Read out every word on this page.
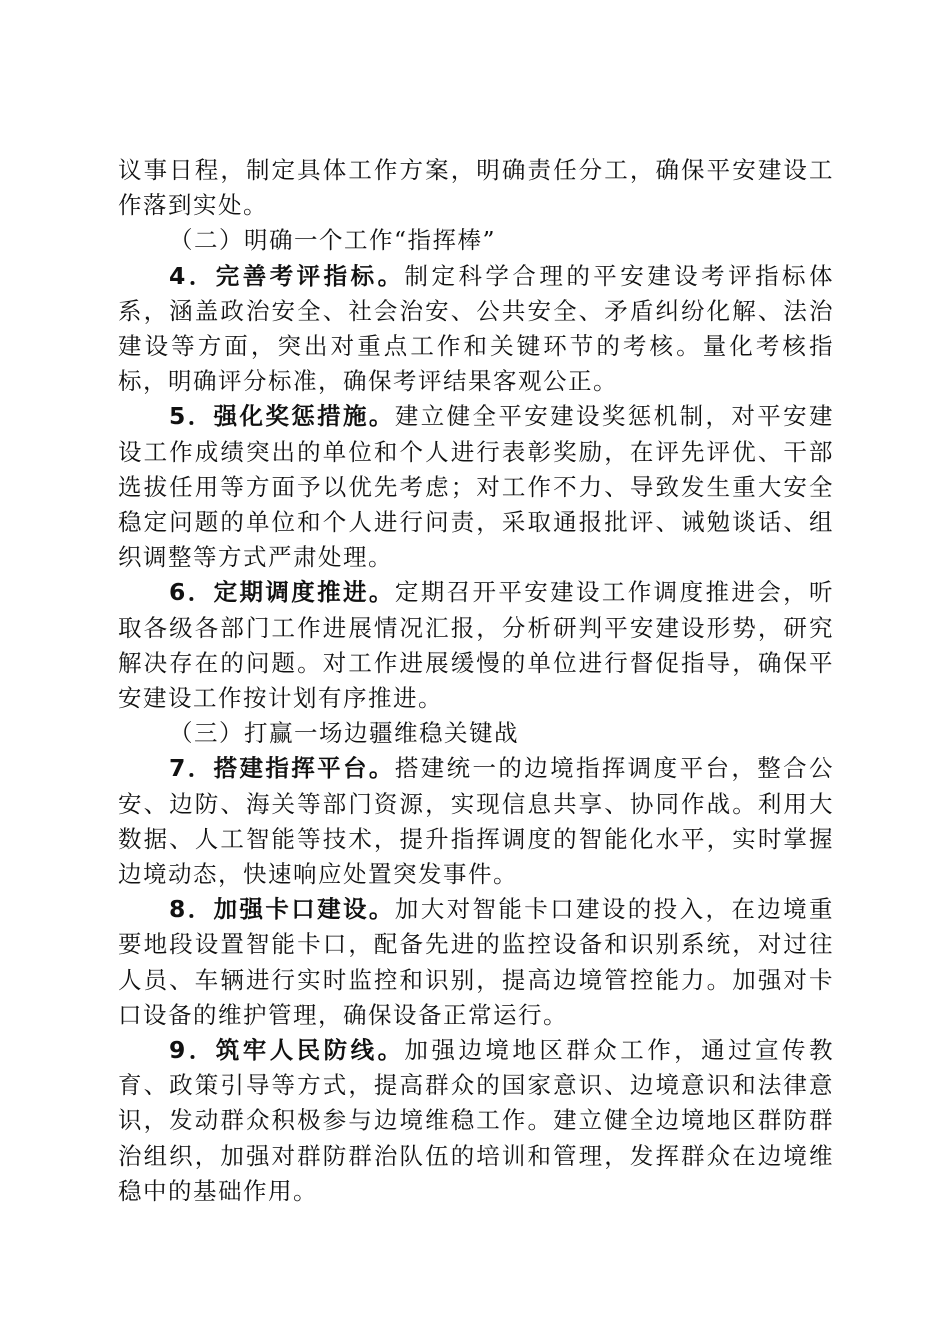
议事日程，制定具体工作方案，明确责任分工，确保平安建设工作落到实处。

（二）明确一个工作“指挥棒”

4．完善考评指标。制定科学合理的平安建设考评指标体系，涵盖政治安全、社会治安、公共安全、矛盾纠纷化解、法治建设等方面，突出对重点工作和关键环节的考核。量化考核指标，明确评分标准，确保考评结果客观公正。

5．强化奖惩措施。建立健全平安建设奖惩机制，对平安建设工作成绩突出的单位和个人进行表彰奖励，在评先评优、干部选拔任用等方面予以优先考虑；对工作不力、导致发生重大安全稳定问题的单位和个人进行问责，采取通报批评、诫勉谈话、组织调整等方式严肃处理。

6．定期调度推进。定期召开平安建设工作调度推进会，听取各级各部门工作进展情况汇报，分析研判平安建设形势，研究解决存在的问题。对工作进展缓慢的单位进行督促指导，确保平安建设工作按计划有序推进。

（三）打赢一场边疆维稳关键战

7．搭建指挥平台。搭建统一的边境指挥调度平台，整合公安、边防、海关等部门资源，实现信息共享、协同作战。利用大数据、人工智能等技术，提升指挥调度的智能化水平，实时掌握边境动态，快速响应处置突发事件。

8．加强卡口建设。加大对智能卡口建设的投入，在边境重要地段设置智能卡口，配备先进的监控设备和识别系统，对过往人员、车辆进行实时监控和识别，提高边境管控能力。加强对卡口设备的维护管理，确保设备正常运行。

9．筑牢人民防线。加强边境地区群众工作，通过宣传教育、政策引导等方式，提高群众的国家意识、边境意识和法律意识，发动群众积极参与边境维稳工作。建立健全边境地区群防群治组织，加强对群防群治队伍的培训和管理，发挥群众在边境维稳中的基础作用。
